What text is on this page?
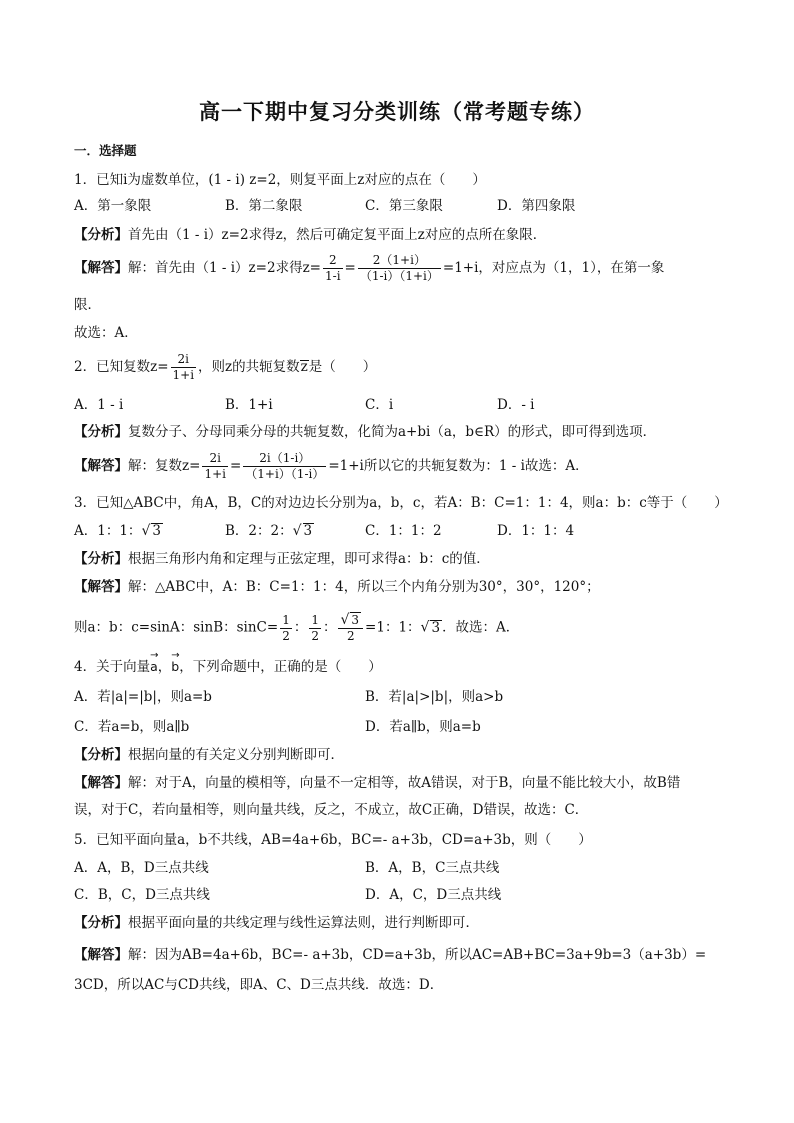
高一下期中复习分类训练（常考题专练）
一．选择题
1．已知i为虚数单位，(1 - i) z=2，则复平面上z对应的点在（　　）
A．第一象限	B．第二象限	C．第三象限	D．第四象限
【分析】首先由（1 - i）z=2求得z，然后可确定复平面上z对应的点所在象限．
【解答】解：首先由（1 - i）z=2求得$z= \frac{2}{1-i} = \frac{2(1+i)}{(1-i)(1+i)} =1+i$，对应点为（1，1），在第一象
限．
故选：A．
2．已知复数$z= \frac{2i}{1+i}$ ，则z的共轭复数z是（　　）
A．1 - i	B．1+i	C．i	D．- i
【分析】复数分子、分母同乘分母的共轭复数，化简为a+bi（a，b∈R）的形式，即可得到选项．
【解答】解：复数$z= \frac{2i}{1+i} = \frac{2i(1-i)}{(1+i)(1-i)} =1+i$所以它的共轭复数为：1 - i故选：A．
3．已知△ABC中，角A，B，C的对边边长分别为a，b，c，若A：B：C=1：1：4，则a：b：c等于（　　）
A．1：1：√ 3	B．2：2：√ 3	C．1：1：2	D．1：1：4
【分析】根据三角形内角和定理与正弦定理，即可求得a：b：c的值．
【解答】解：△ABC中，A：B：C=1：1：4，所以三个内角分别为30°，30°，120°；
则a：b：c=sinA：sinB：$\sin C= \frac{1}{2}$ ： $\frac{1}{2}$ ： $\frac{√ 3}{2} =1$：1：√ 3 ．故选：A．
4．关于向量→ a，→ b，下列命题中，正确的是（　　）
A．若|a|=|b|，则a=b	B．若|a|>|b|，则a>b
C．若a=b，则a∥b	D．若a∥b，则a=b
【分析】根据向量的有关定义分别判断即可．
【解答】解：对于A，向量的模相等，向量不一定相等，故A错误，对于B，向量不能比较大小，故B错
误，对于C，若向量相等，则向量共线，反之，不成立，故C正确，D错误，故选：C．
5．已知平面向量a，b不共线，AB=4a+6b，BC=- a+3b，CD=a+3b，则（　　）
A．A，B，D三点共线	B．A，B，C三点共线
C．B，C，D三点共线	D．A，C，D三点共线
【分析】根据平面向量的共线定理与线性运算法则，进行判断即可．
【解答】解：因为AB=4a+6b，BC=- a+3b，CD=a+3b，所以AC=AB+BC=3a+9b=3（a+3b）=
3CD，所以AC与CD共线，即A、C、D三点共线．故选：D．
